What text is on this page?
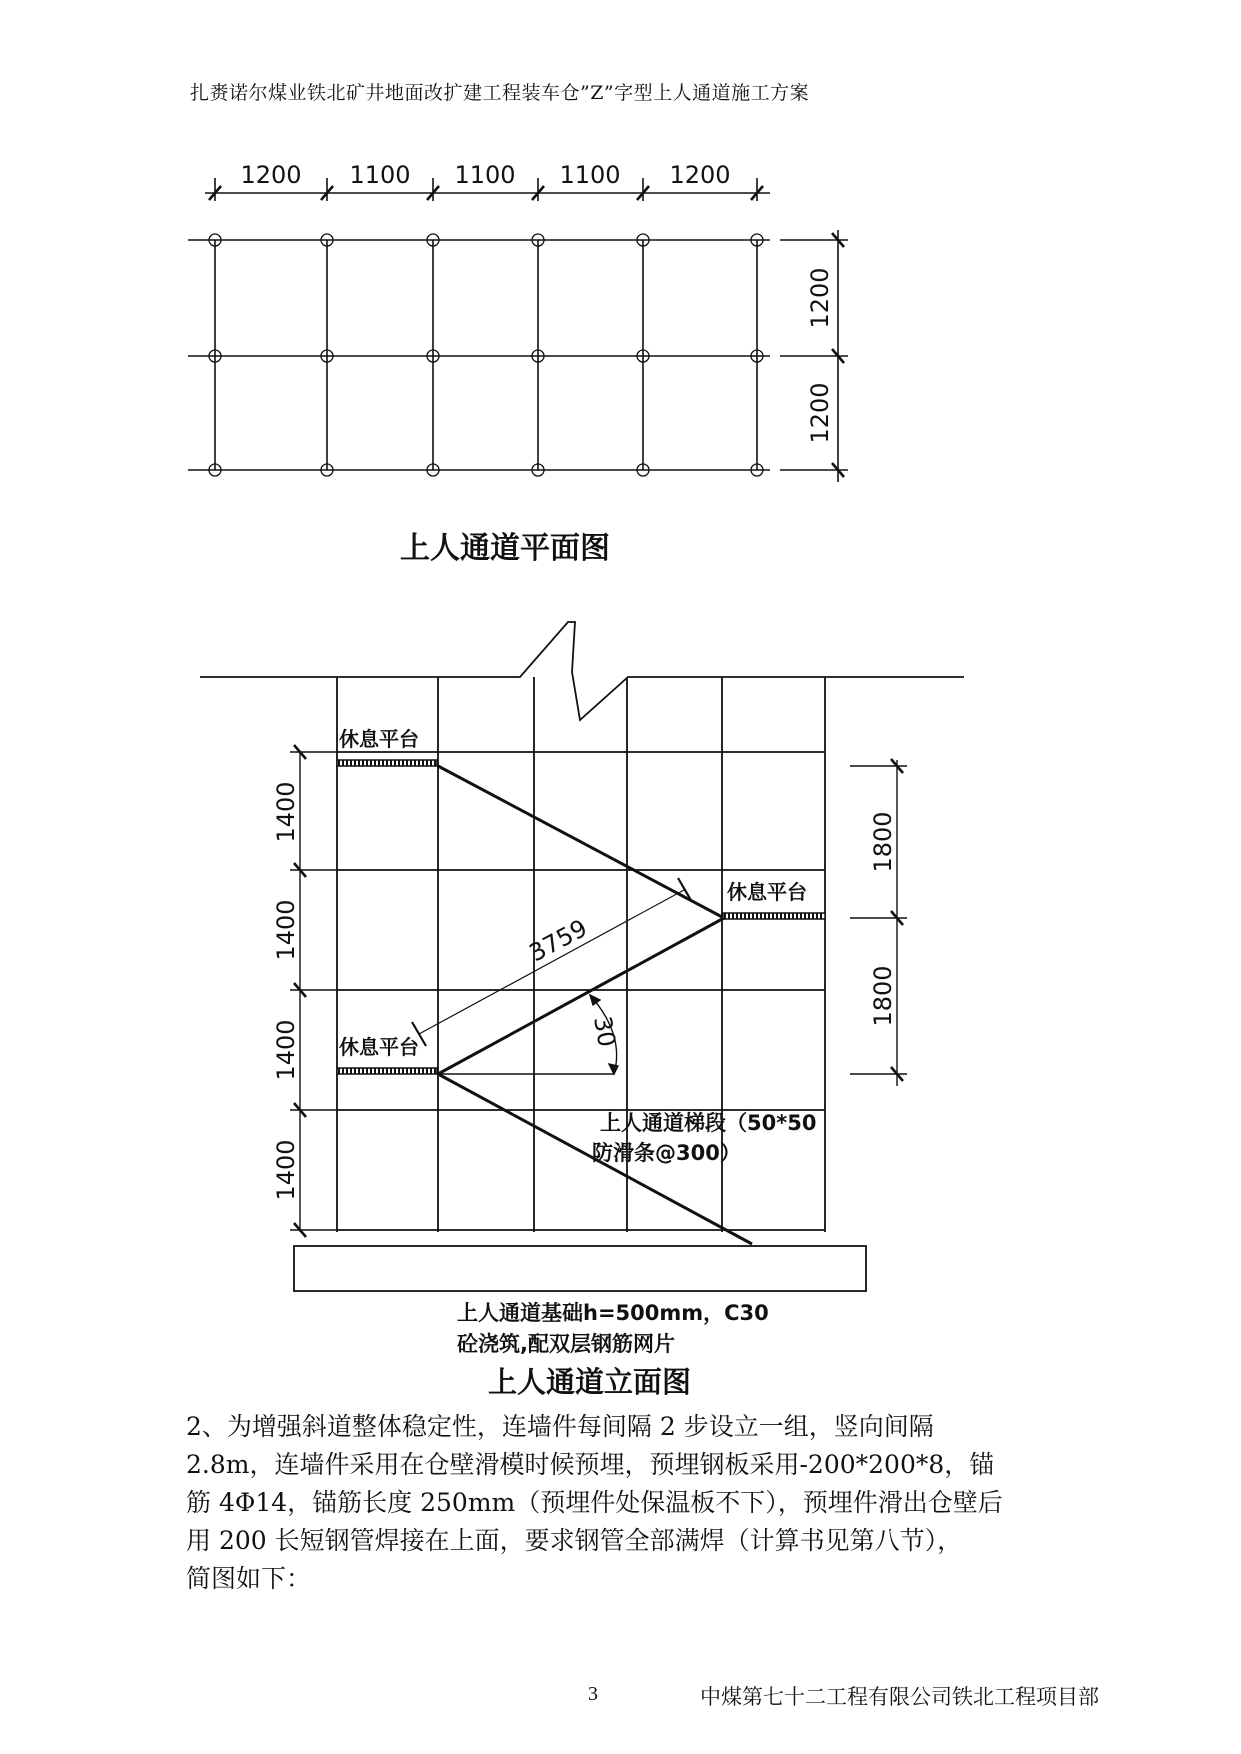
扎赉诺尔煤业铁北矿井地面改扩建工程装车仓”Z”字型上人通道施工方案
1200 1100 1100 1100 1200
1200
1200
上人通道平面图
休息平台
休息平台
休息平台
1400
1400
1400
1400
1800
1800
3759
30
上人通道梯段（50*50
防滑条@300）
上人通道基础h=500mm，C30
砼浇筑,配双层钢筋网片
上人通道立面图

2、为增强斜道整体稳定性，连墙件每间隔 2 步设立一组，竖向间隔

2.8m，连墙件采用在仓壁滑模时候预埋，预埋钢板采用-200*200*8，锚

筋 4Φ14，锚筋长度 250mm（预埋件处保温板不下），预埋件滑出仓壁后

用 200 长短钢管焊接在上面，要求钢管全部满焊（计算书见第八节），

简图如下：

3	中煤第七十二工程有限公司铁北工程项目部
